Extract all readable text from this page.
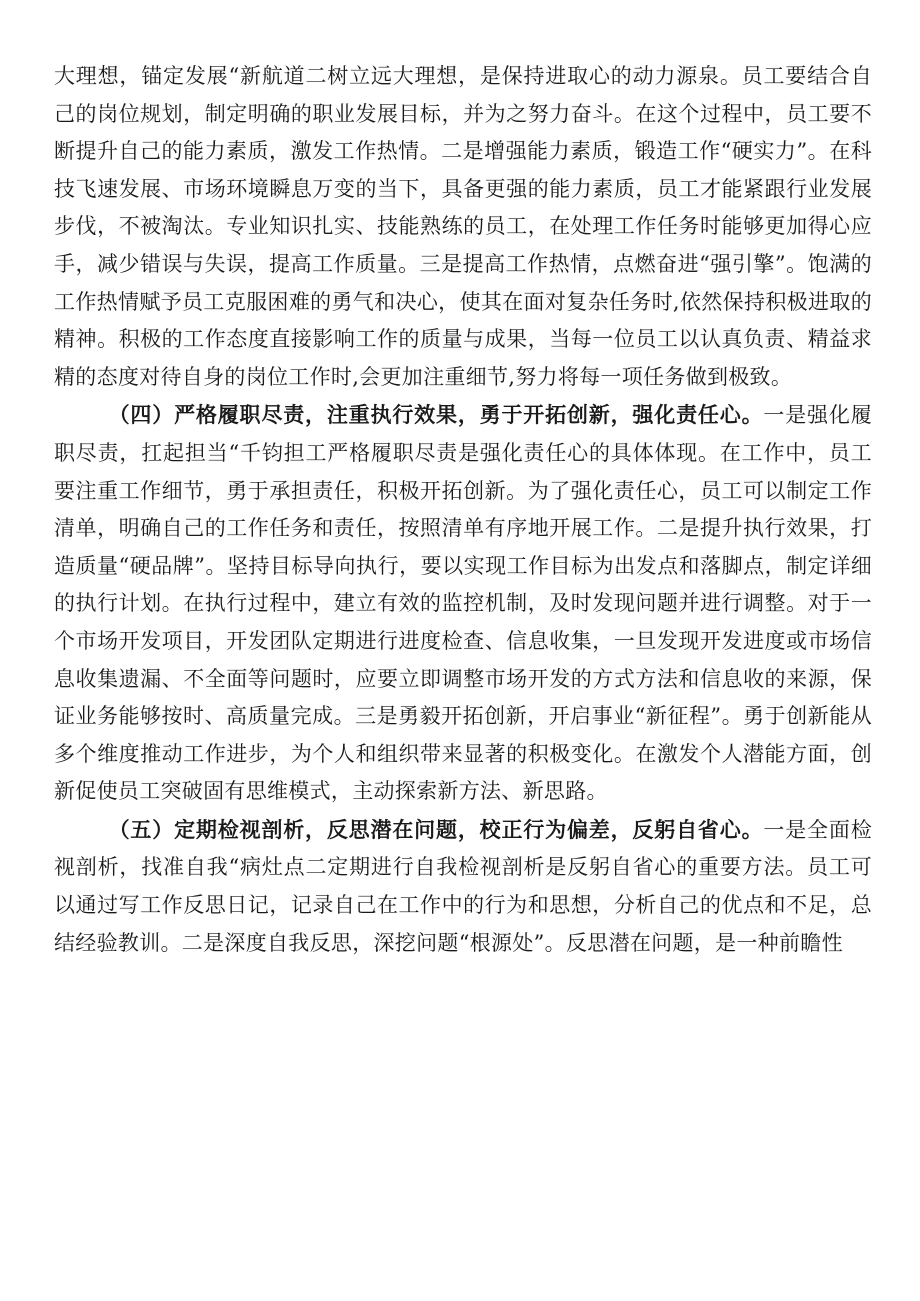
大理想，锚定发展“新航道二树立远大理想，是保持进取心的动力源泉。员工要结合自己的岗位规划，制定明确的职业发展目标，并为之努力奋斗。在这个过程中，员工要不断提升自己的能力素质，激发工作热情。二是增强能力素质，锻造工作“硬实力”。在科技飞速发展、市场环境瞬息万变的当下，具备更强的能力素质，员工才能紧跟行业发展步伐，不被淘汰。专业知识扎实、技能熟练的员工，在处理工作任务时能够更加得心应手，减少错误与失误，提高工作质量。三是提高工作热情，点燃奋进“强引擎”。饱满的工作热情赋予员工克服困难的勇气和决心，使其在面对复杂任务时,依然保持积极进取的精神。积极的工作态度直接影响工作的质量与成果，当每一位员工以认真负责、精益求精的态度对待自身的岗位工作时,会更加注重细节,努力将每一项任务做到极致。

（四）严格履职尽责，注重执行效果，勇于开拓创新，强化责任心。一是强化履职尽责，扛起担当“千钧担工严格履职尽责是强化责任心的具体体现。在工作中，员工要注重工作细节，勇于承担责任，积极开拓创新。为了强化责任心，员工可以制定工作清单，明确自己的工作任务和责任，按照清单有序地开展工作。二是提升执行效果，打造质量“硬品牌”。坚持目标导向执行，要以实现工作目标为出发点和落脚点，制定详细的执行计划。在执行过程中，建立有效的监控机制，及时发现问题并进行调整。对于一个市场开发项目，开发团队定期进行进度检查、信息收集，一旦发现开发进度或市场信息收集遗漏、不全面等问题时，应要立即调整市场开发的方式方法和信息收的来源，保证业务能够按时、高质量完成。三是勇毅开拓创新，开启事业“新征程”。勇于创新能从多个维度推动工作进步，为个人和组织带来显著的积极变化。在激发个人潜能方面，创新促使员工突破固有思维模式，主动探索新方法、新思路。

（五）定期检视剖析，反思潜在问题，校正行为偏差，反躬自省心。一是全面检视剖析，找准自我“病灶点二定期进行自我检视剖析是反躬自省心的重要方法。员工可以通过写工作反思日记，记录自己在工作中的行为和思想，分析自己的优点和不足，总结经验教训。二是深度自我反思，深挖问题“根源处”。反思潜在问题，是一种前瞻性
